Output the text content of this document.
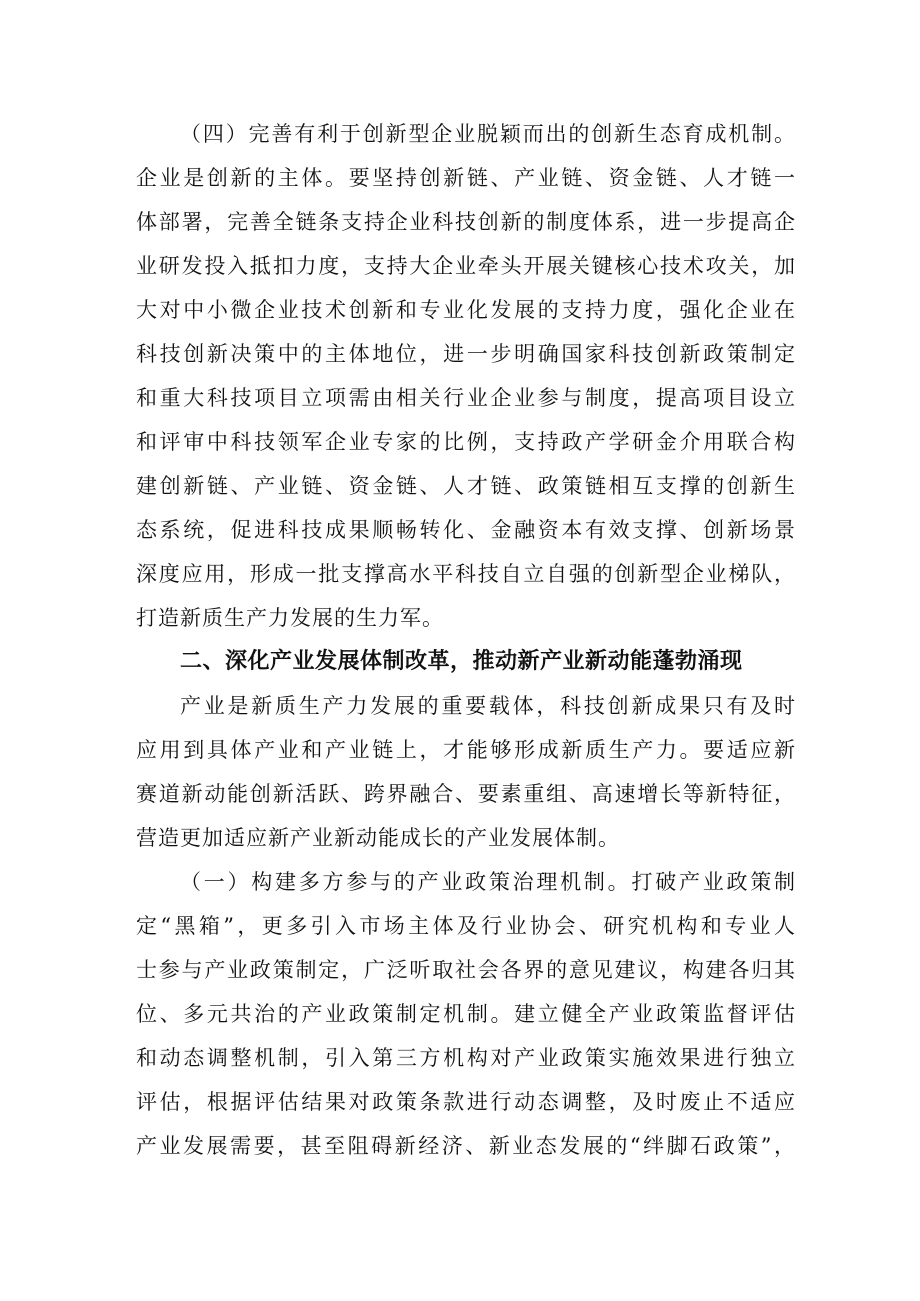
（四）完善有利于创新型企业脱颖而出的创新生态育成机制。
企业是创新的主体。要坚持创新链、产业链、资金链、人才链一
体部署，完善全链条支持企业科技创新的制度体系，进一步提高企
业研发投入抵扣力度，支持大企业牵头开展关键核心技术攻关，加
大对中小微企业技术创新和专业化发展的支持力度，强化企业在
科技创新决策中的主体地位，进一步明确国家科技创新政策制定
和重大科技项目立项需由相关行业企业参与制度，提高项目设立
和评审中科技领军企业专家的比例，支持政产学研金介用联合构
建创新链、产业链、资金链、人才链、政策链相互支撑的创新生
态系统，促进科技成果顺畅转化、金融资本有效支撑、创新场景
深度应用，形成一批支撑高水平科技自立自强的创新型企业梯队，
打造新质生产力发展的生力军。
二、深化产业发展体制改革，推动新产业新动能蓬勃涌现
产业是新质生产力发展的重要载体，科技创新成果只有及时
应用到具体产业和产业链上，才能够形成新质生产力。要适应新
赛道新动能创新活跃、跨界融合、要素重组、高速增长等新特征，
营造更加适应新产业新动能成长的产业发展体制。
（一）构建多方参与的产业政策治理机制。打破产业政策制
定“黑箱”，更多引入市场主体及行业协会、研究机构和专业人
士参与产业政策制定，广泛听取社会各界的意见建议，构建各归其
位、多元共治的产业政策制定机制。建立健全产业政策监督评估
和动态调整机制，引入第三方机构对产业政策实施效果进行独立
评估，根据评估结果对政策条款进行动态调整，及时废止不适应
产业发展需要，甚至阻碍新经济、新业态发展的“绊脚石政策”，
